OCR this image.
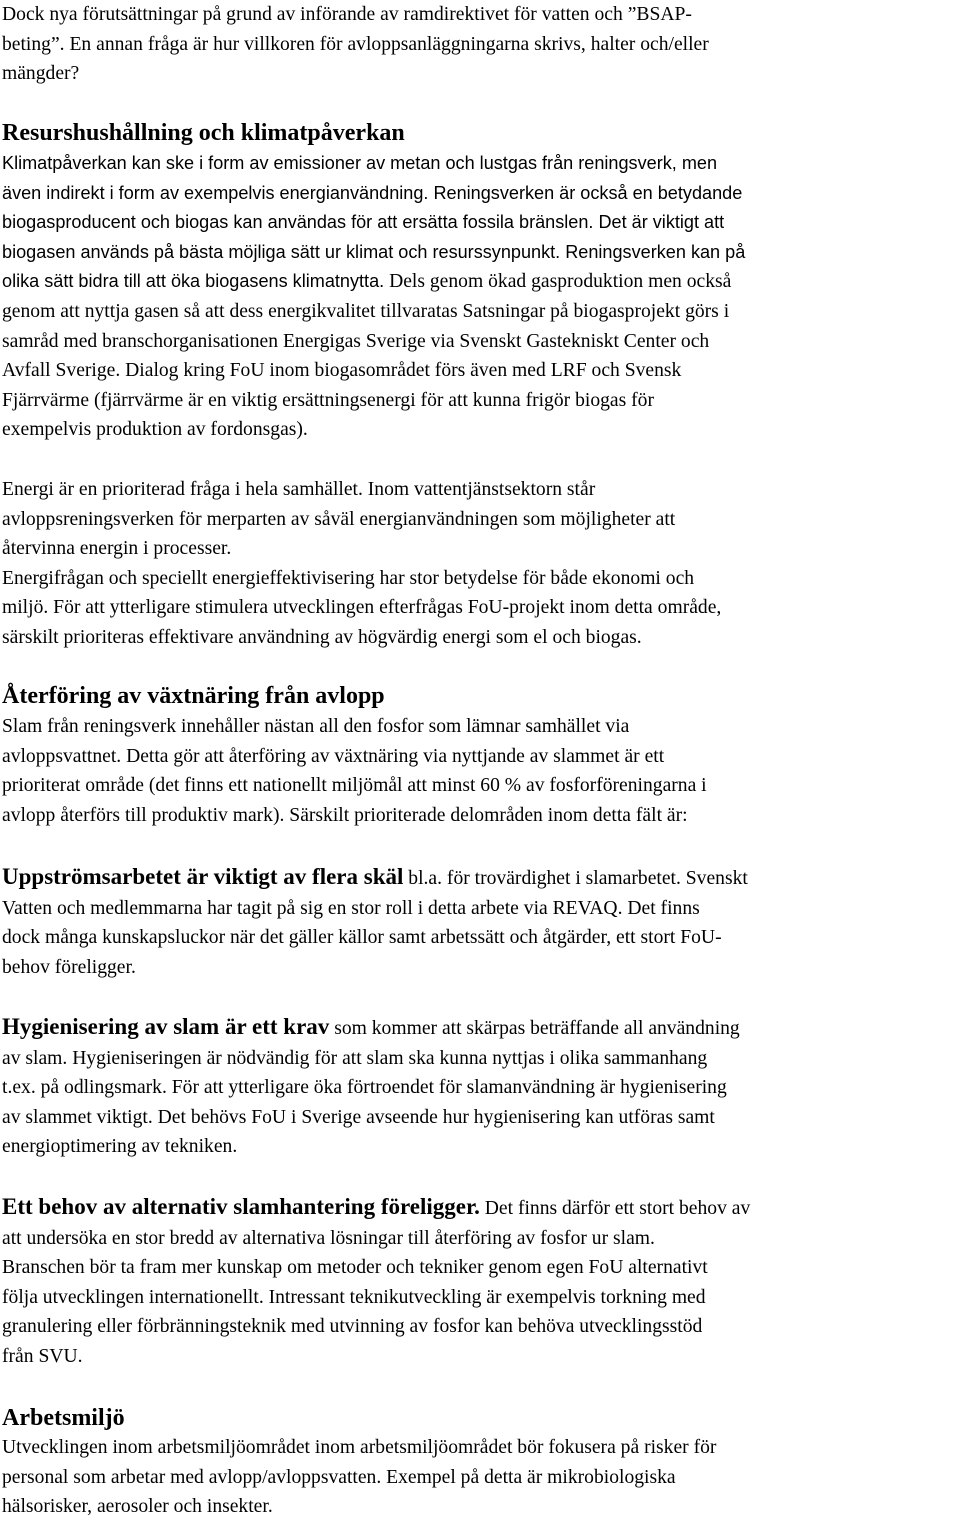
Dock nya förutsättningar på grund av införande av ramdirektivet för vatten och ”BSAP-
beting”. En annan fråga är hur villkoren för avloppsanläggningarna skrivs, halter och/eller
mängder?
Resurshushållning och klimatpåverkan
Klimatpåverkan kan ske i form av emissioner av metan och lustgas från reningsverk, men
även indirekt i form av exempelvis energianvändning. Reningsverken är också en betydande
biogasproducent och biogas kan användas för att ersätta fossila bränslen. Det är viktigt att
biogasen används på bästa möjliga sätt ur klimat och resurssynpunkt. Reningsverken kan på
olika sätt bidra till att öka biogasens klimatnytta. Dels genom ökad gasproduktion men också
genom att nyttja gasen så att dess energikvalitet tillvaratas Satsningar på biogasprojekt görs i
samråd med branschorganisationen Energigas Sverige via Svenskt Gastekniskt Center och
Avfall Sverige. Dialog kring FoU inom biogasområdet förs även med LRF och Svensk
Fjärrvärme (fjärrvärme är en viktig ersättningsenergi för att kunna frigör biogas för
exempelvis produktion av fordonsgas).
Energi är en prioriterad fråga i hela samhället. Inom vattentjänstsektorn står
avloppsreningsverken för merparten av såväl energianvändningen som möjligheter att
återvinna energin i processer.
Energifrågan och speciellt energieffektivisering har stor betydelse för både ekonomi och
miljö. För att ytterligare stimulera utvecklingen efterfrågas FoU-projekt inom detta område,
särskilt prioriteras effektivare användning av högvärdig energi som el och biogas.
Återföring av växtnäring från avlopp
Slam från reningsverk innehåller nästan all den fosfor som lämnar samhället via
avloppsvattnet. Detta gör att återföring av växtnäring via nyttjande av slammet är ett
prioriterat område (det finns ett nationellt miljömål att minst 60 % av fosforföreningarna i
avlopp återförs till produktiv mark). Särskilt prioriterade delområden inom detta fält är:
Uppströmsarbetet är viktigt av flera skäl bl.a. för trovärdighet i slamarbetet. Svenskt
Vatten och medlemmarna har tagit på sig en stor roll i detta arbete via REVAQ. Det finns
dock många kunskapsluckor när det gäller källor samt arbetssätt och åtgärder, ett stort FoU-
behov föreligger.
Hygienisering av slam är ett krav som kommer att skärpas beträffande all användning
av slam. Hygieniseringen är nödvändig för att slam ska kunna nyttjas i olika sammanhang
t.ex. på odlingsmark. För att ytterligare öka förtroendet för slamanvändning är hygienisering
av slammet viktigt. Det behövs FoU i Sverige avseende hur hygienisering kan utföras samt
energioptimering av tekniken.
Ett behov av alternativ slamhantering föreligger. Det finns därför ett stort behov av
att undersöka en stor bredd av alternativa lösningar till återföring av fosfor ur slam.
Branschen bör ta fram mer kunskap om metoder och tekniker genom egen FoU alternativt
följa utvecklingen internationellt. Intressant teknikutveckling är exempelvis torkning med
granulering eller förbränningsteknik med utvinning av fosfor kan behöva utvecklingsstöd
från SVU.
Arbetsmiljö
Utvecklingen inom arbetsmiljöområdet inom arbetsmiljöområdet bör fokusera på risker för
personal som arbetar med avlopp/avloppsvatten. Exempel på detta är mikrobiologiska
hälsorisker, aerosoler och insekter.
